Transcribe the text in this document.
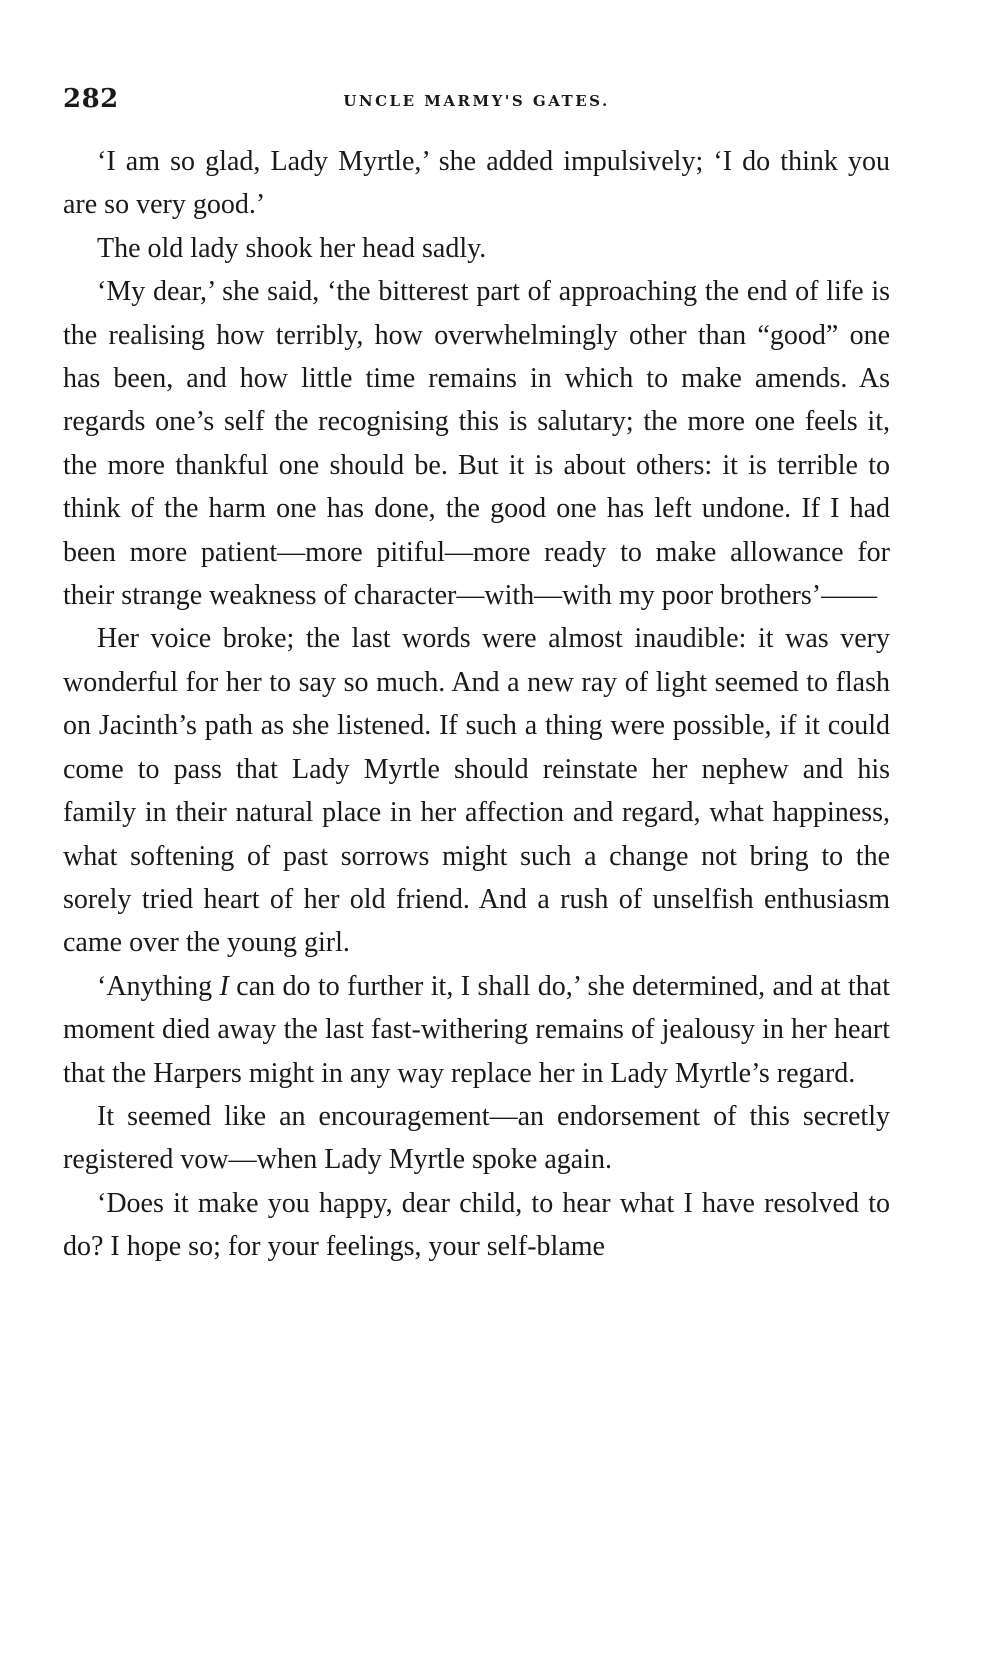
282	UNCLE MARMY'S GATES.

‘I am so glad, Lady Myrtle,’ she added impulsively; ‘I do think you are so very good.’

The old lady shook her head sadly.

‘My dear,’ she said, ‘the bitterest part of approaching the end of life is the realising how terribly, how overwhelmingly other than “good” one has been, and how little time remains in which to make amends. As regards one’s self the recognising this is salutary; the more one feels it, the more thankful one should be. But it is about others: it is terrible to think of the harm one has done, the good one has left undone. If I had been more patient—more pitiful—more ready to make allowance for their strange weakness of character—with—with my poor brothers’——

Her voice broke; the last words were almost inaudible: it was very wonderful for her to say so much. And a new ray of light seemed to flash on Jacinth’s path as she listened. If such a thing were possible, if it could come to pass that Lady Myrtle should reinstate her nephew and his family in their natural place in her affection and regard, what happiness, what softening of past sorrows might such a change not bring to the sorely tried heart of her old friend. And a rush of unselfish enthusiasm came over the young girl.

‘Anything I can do to further it, I shall do,’ she determined, and at that moment died away the last fast-withering remains of jealousy in her heart that the Harpers might in any way replace her in Lady Myrtle’s regard.

It seemed like an encouragement—an endorsement of this secretly registered vow—when Lady Myrtle spoke again.

‘Does it make you happy, dear child, to hear what I have resolved to do? I hope so; for your feelings, your self-blame
